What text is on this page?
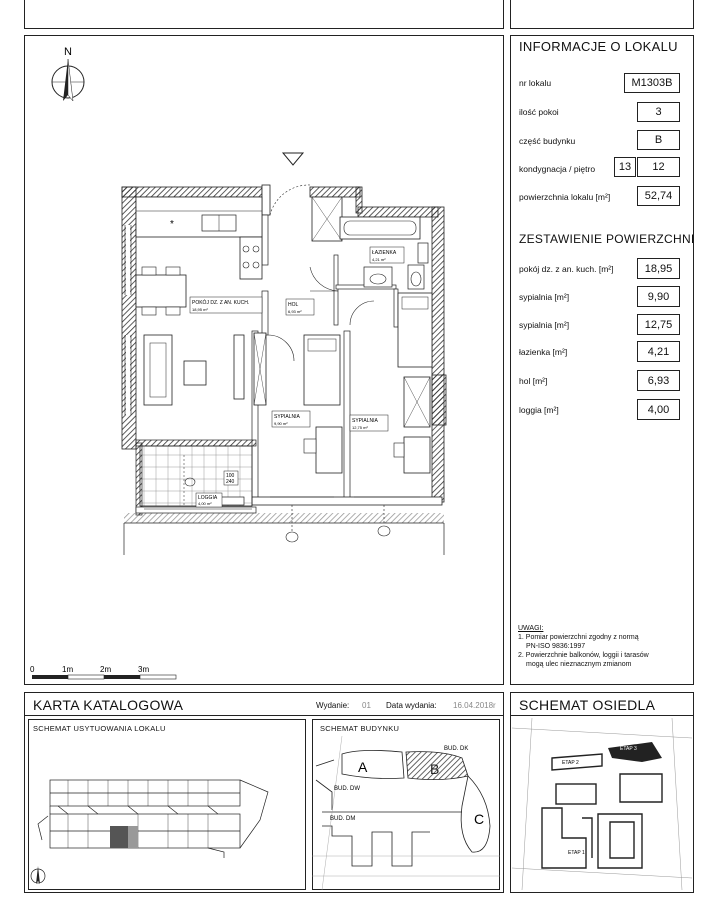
INFORMACJE O LOKALU
nr lokalu	M1303B
ilość pokoi	3
część budynku	B
kondygnacja / piętro	13	12
powierzchnia lokalu [m²]	52,74
ZESTAWIENIE POWIERZCHNI
pokój dz. z an. kuch. [m²]	18,95
sypialnia [m²]	9,90
sypialnia [m²]	12,75
łazienka [m²]	4,21
hol [m²]	6,93
loggia [m²]	4,00
UWAGI:
1. Pomiar powierzchni zgodny z normą
PN-ISO 9836:1997
2. Powierzchnie balkonów, loggii i tarasów
mogą ulec nieznacznym zmianom
N
LOGGIA
4,00 m²
*
ŁAZIENKA
4,21 m²
SYPIALNIA
12,75 m²
SYPIALNIA
9,90 m²
POKÓJ DZ. Z AN. KUCH.
18,95 m²
HOL
6,93 m²
0	1m	2m	3m
100
240
KARTA KATALOGOWA	Wydanie: 01 Data wydania: 16.04.2018r
SCHEMAT USYTUOWANIA LOKALU	SCHEMAT BUDYNKU
A	B
C
BUD. DK
BUD. DW
BUD. DM
SCHEMAT OSIEDLA
ETAP 3
ETAP 2
ETAP 1
